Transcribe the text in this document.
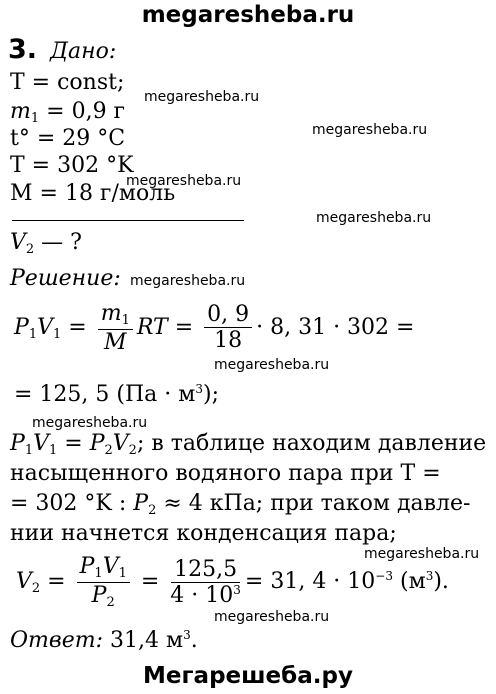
megaresheba.ru
3. Дано:
T = const;
$m_1 = 0,9$ г
t° = 29 °C
T = 302 °K
M = 18 г/моль
$V_2$ — ?
Решение:
$P_1V_1 = \frac{m_1}{M}$ RT = $\frac{0, 9}{18} \cdot 8$, 31 · 302 =
= 125, 5 $(Па \cdot м^3)$;
$P_1V_1 = P_2V_2$; в таблице находим давление
насыщенного водяного пара при T =
= 302 °K : $P_2 \approx 4$ кПа; при таком давле-
нии начнется конденсация пара;
$V_2 = \frac{P_1V_1}{P_2} = \frac{125,5}{4 \cdot 10^3} = 31$, $4 \cdot 10^{-3}$ $(м^3)$.
Ответ: 31,4 $м^3$.
Мегарешеба.ру
megaresheba.ru
megaresheba.ru
megaresheba.ru
megaresheba.ru
megaresheba.ru
megaresheba.ru
megaresheba.ru
megaresheba.ru
megaresheba.ru
